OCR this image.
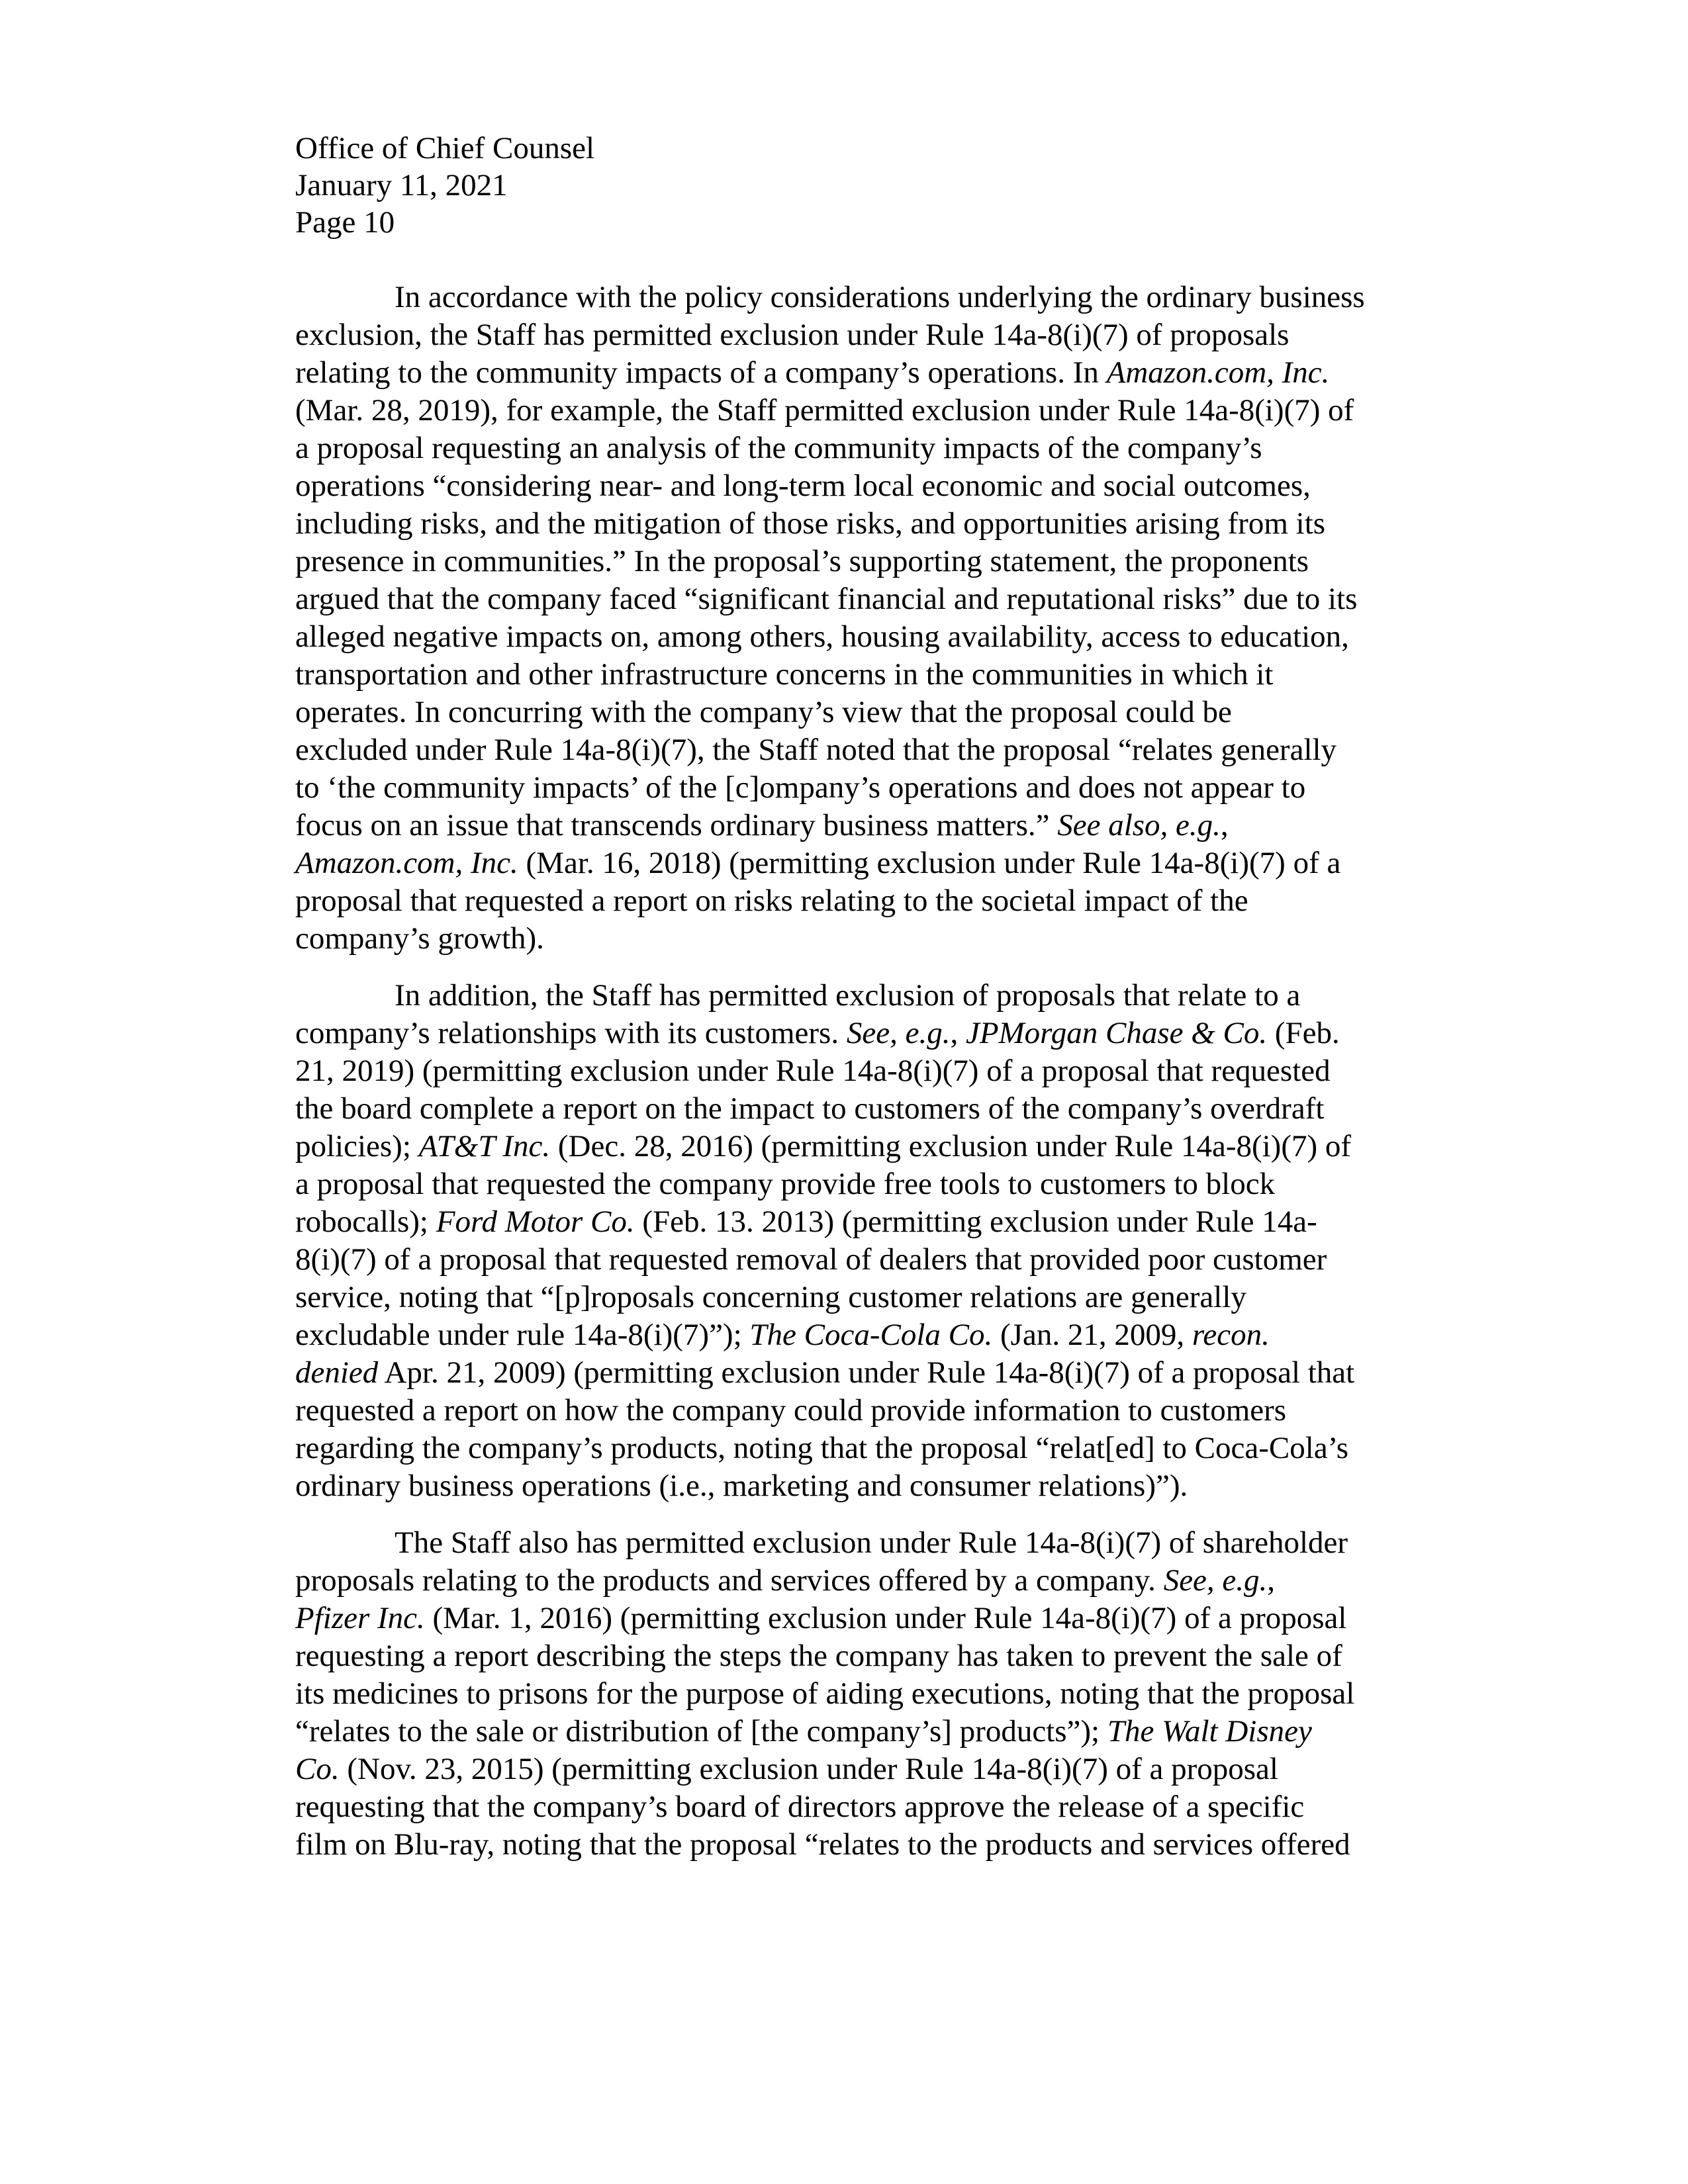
Office of Chief Counsel

January 11, 2021

Page 10

In accordance with the policy considerations underlying the ordinary business
exclusion, the Staff has permitted exclusion under Rule 14a-8(i)(7) of proposals
relating to the community impacts of a company’s operations. In Amazon.com, Inc.
(Mar. 28, 2019), for example, the Staff permitted exclusion under Rule 14a-8(i)(7) of
a proposal requesting an analysis of the community impacts of the company’s
operations “considering near- and long-term local economic and social outcomes,
including risks, and the mitigation of those risks, and opportunities arising from its
presence in communities.” In the proposal’s supporting statement, the proponents
argued that the company faced “significant financial and reputational risks” due to its
alleged negative impacts on, among others, housing availability, access to education,
transportation and other infrastructure concerns in the communities in which it
operates. In concurring with the company’s view that the proposal could be
excluded under Rule 14a-8(i)(7), the Staff noted that the proposal “relates generally
to ‘the community impacts’ of the [c]ompany’s operations and does not appear to
focus on an issue that transcends ordinary business matters.” See also, e.g.,
Amazon.com, Inc. (Mar. 16, 2018) (permitting exclusion under Rule 14a-8(i)(7) of a
proposal that requested a report on risks relating to the societal impact of the
company’s growth).
In addition, the Staff has permitted exclusion of proposals that relate to a
company’s relationships with its customers. See, e.g., JPMorgan Chase & Co. (Feb.
21, 2019) (permitting exclusion under Rule 14a-8(i)(7) of a proposal that requested
the board complete a report on the impact to customers of the company’s overdraft
policies); AT&T Inc. (Dec. 28, 2016) (permitting exclusion under Rule 14a-8(i)(7) of
a proposal that requested the company provide free tools to customers to block
robocalls); Ford Motor Co. (Feb. 13. 2013) (permitting exclusion under Rule 14a-
8(i)(7) of a proposal that requested removal of dealers that provided poor customer
service, noting that “[p]roposals concerning customer relations are generally
excludable under rule 14a-8(i)(7)”); The Coca-Cola Co. (Jan. 21, 2009, recon.
denied Apr. 21, 2009) (permitting exclusion under Rule 14a-8(i)(7) of a proposal that
requested a report on how the company could provide information to customers
regarding the company’s products, noting that the proposal “relat[ed] to Coca-Cola’s
ordinary business operations (i.e., marketing and consumer relations)”).
The Staff also has permitted exclusion under Rule 14a-8(i)(7) of shareholder
proposals relating to the products and services offered by a company. See, e.g.,
Pfizer Inc. (Mar. 1, 2016) (permitting exclusion under Rule 14a-8(i)(7) of a proposal
requesting a report describing the steps the company has taken to prevent the sale of
its medicines to prisons for the purpose of aiding executions, noting that the proposal
“relates to the sale or distribution of [the company’s] products”); The Walt Disney
Co. (Nov. 23, 2015) (permitting exclusion under Rule 14a-8(i)(7) of a proposal
requesting that the company’s board of directors approve the release of a specific
film on Blu-ray, noting that the proposal “relates to the products and services offered
